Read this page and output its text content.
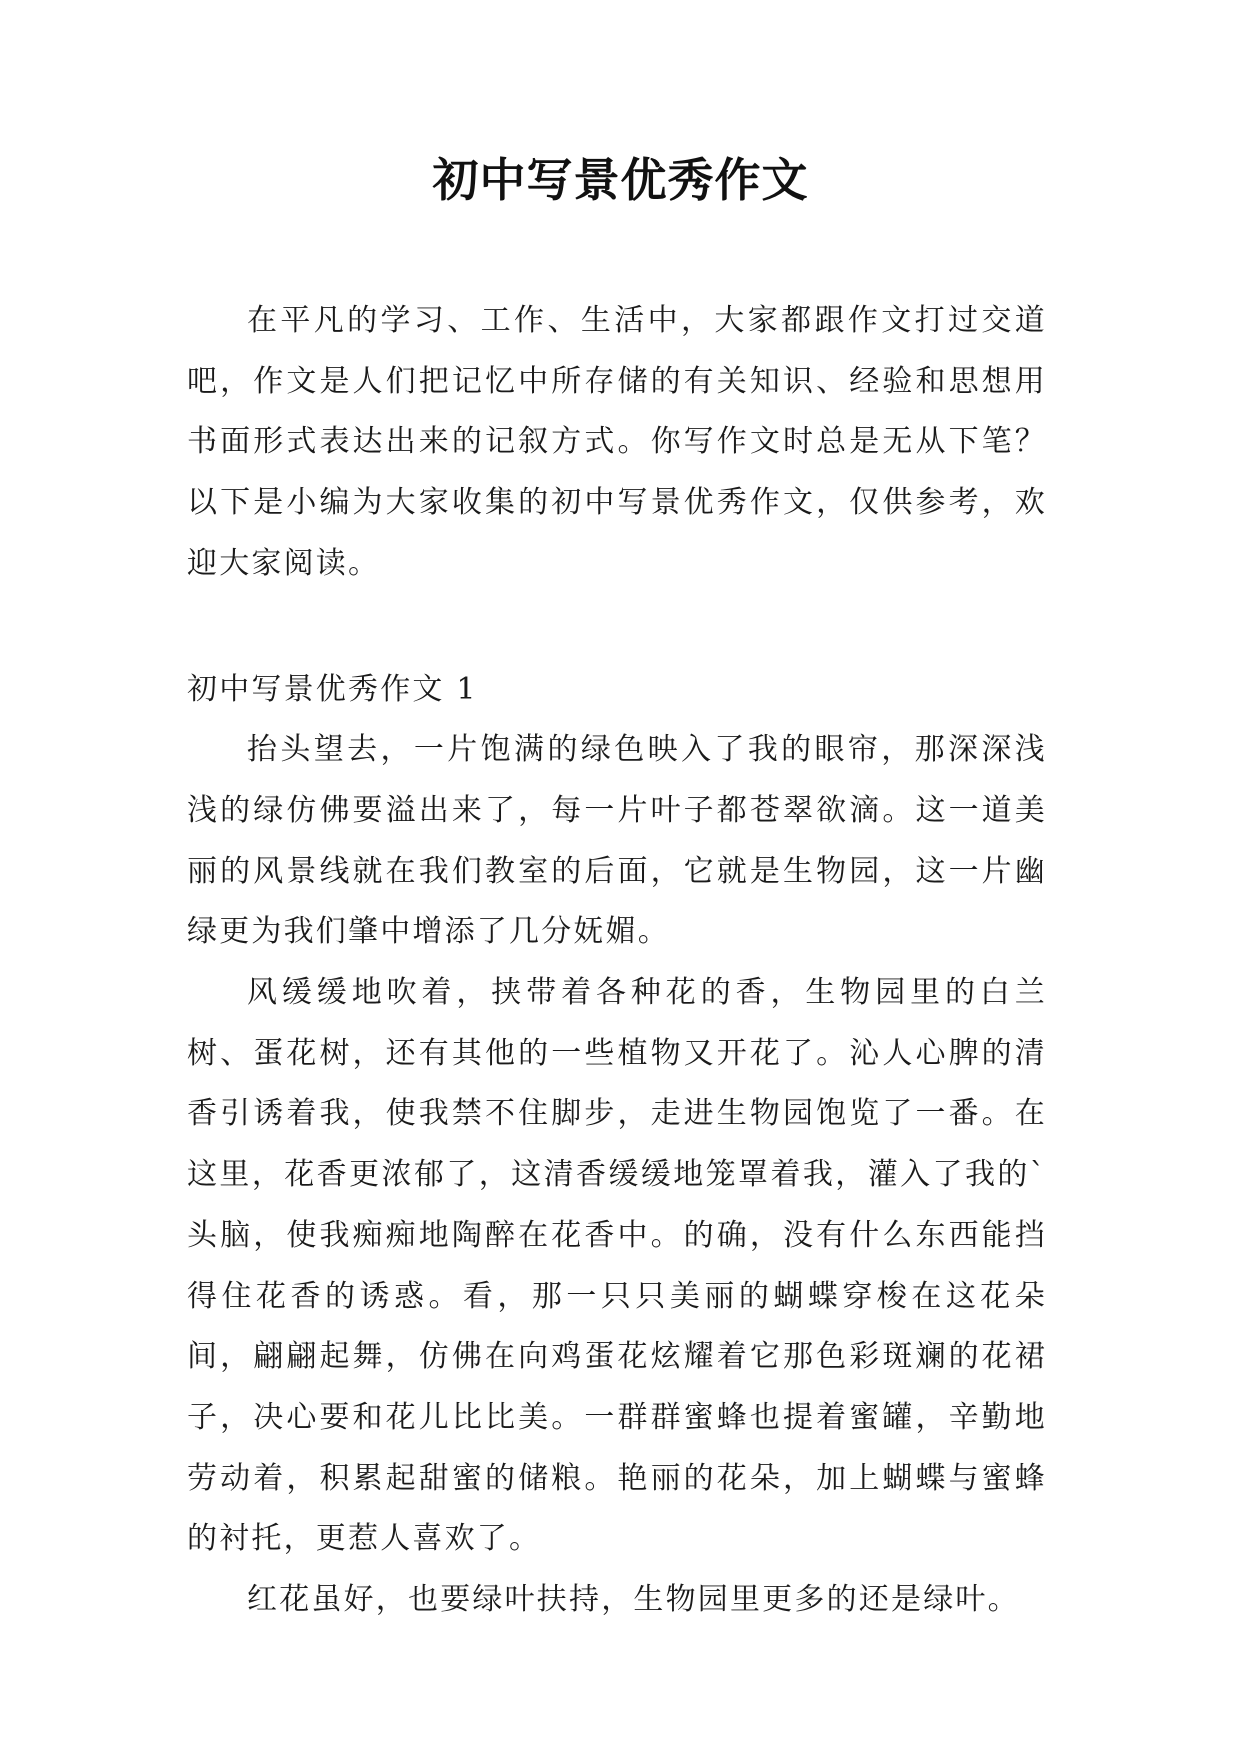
初中写景优秀作文

在平凡的学习、工作、生活中，大家都跟作文打过交道吧，作文是人们把记忆中所存储的有关知识、经验和思想用书面形式表达出来的记叙方式。你写作文时总是无从下笔？以下是小编为大家收集的初中写景优秀作文，仅供参考，欢迎大家阅读。

初中写景优秀作文 1

抬头望去，一片饱满的绿色映入了我的眼帘，那深深浅浅的绿仿佛要溢出来了，每一片叶子都苍翠欲滴。这一道美丽的风景线就在我们教室的后面，它就是生物园，这一片幽绿更为我们肇中增添了几分妩媚。

风缓缓地吹着，挟带着各种花的香，生物园里的白兰树、蛋花树，还有其他的一些植物又开花了。沁人心脾的清香引诱着我，使我禁不住脚步，走进生物园饱览了一番。在这里，花香更浓郁了，这清香缓缓地笼罩着我，灌入了我的`头脑，使我痴痴地陶醉在花香中。的确，没有什么东西能挡得住花香的诱惑。看，那一只只美丽的蝴蝶穿梭在这花朵间，翩翩起舞，仿佛在向鸡蛋花炫耀着它那色彩斑斓的花裙子，决心要和花儿比比美。一群群蜜蜂也提着蜜罐，辛勤地劳动着，积累起甜蜜的储粮。艳丽的花朵，加上蝴蝶与蜜蜂的衬托，更惹人喜欢了。

红花虽好，也要绿叶扶持，生物园里更多的还是绿叶。
